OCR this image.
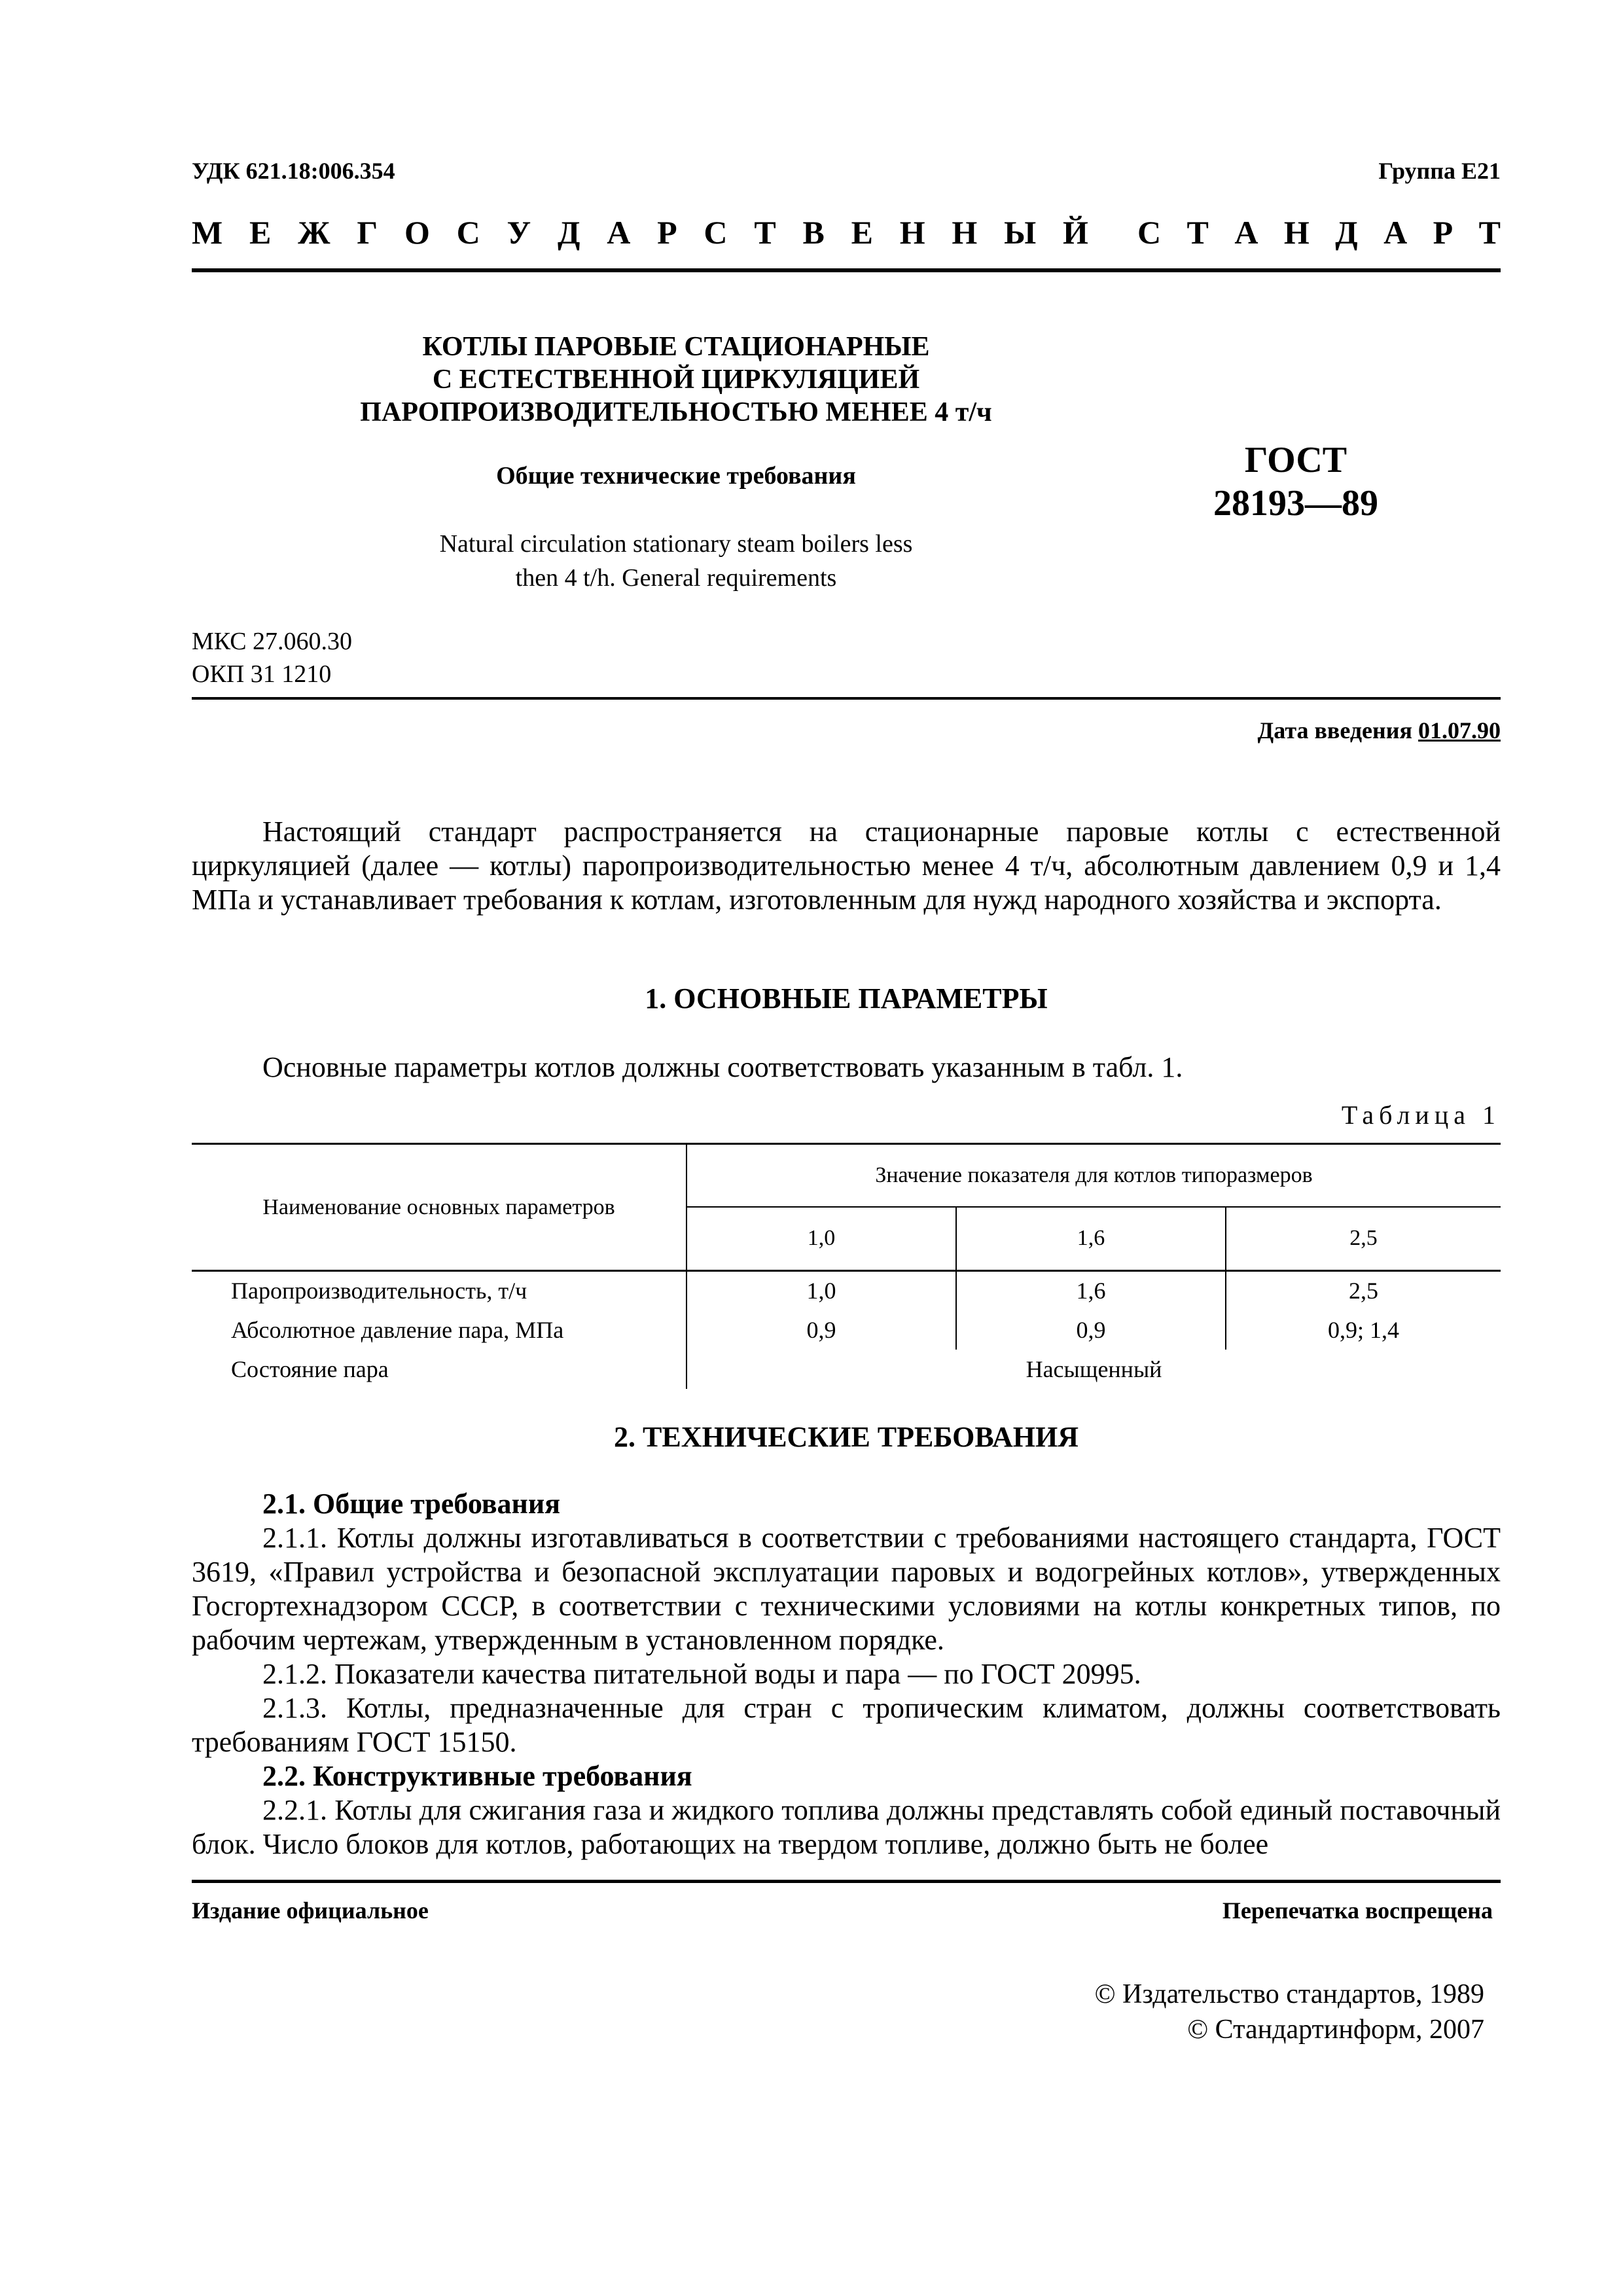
УДК 621.18:006.354	Группа Е21
М Е Ж Г О С У Д А Р С Т В Е Н Н Ы Й С Т А Н Д А Р Т
КОТЛЫ ПАРОВЫЕ СТАЦИОНАРНЫЕ
С ЕСТЕСТВЕННОЙ ЦИРКУЛЯЦИЕЙ
ПАРОПРОИЗВОДИТЕЛЬНОСТЬЮ МЕНЕЕ 4 т/ч
Общие технические требования
Natural circulation stationary steam boilers less
then 4 t/h. General requirements
ГОСТ
28193—89
МКС 27.060.30
ОКП 31 1210
Дата введения 01.07.90

Настоящий стандарт распространяется на стационарные паровые котлы с естественной циркуляцией (далее — котлы) паропроизводительностью менее 4 т/ч, абсолютным давлением 0,9 и 1,4 МПа и устанавливает требования к котлам, изготовленным для нужд народного хозяйства и экспорта.

1. ОСНОВНЫЕ ПАРАМЕТРЫ

Основные параметры котлов должны соответствовать указанным в табл. 1.

Таблица 1
Наименование основных параметров	Значение показателя для котлов типоразмеров		
	1,0	1,6	2,5
Паропроизводительность, т/ч	1,0	1,6	2,5
Абсолютное давление пара, МПа	0,9	0,9	0,9; 1,4
Состояние пара	Насыщенный		
2. ТЕХНИЧЕСКИЕ ТРЕБОВАНИЯ

2.1. Общие требования

2.1.1. Котлы должны изготавливаться в соответствии с требованиями настоящего стандарта, ГОСТ 3619, «Правил устройства и безопасной эксплуатации паровых и водогрейных котлов», утвержденных Госгортехнадзором СССР, в соответствии с техническими условиями на котлы конкретных типов, по рабочим чертежам, утвержденным в установленном порядке.

2.1.2. Показатели качества питательной воды и пара — по ГОСТ 20995.

2.1.3. Котлы, предназначенные для стран с тропическим климатом, должны соответствовать требованиям ГОСТ 15150.

2.2. Конструктивные требования

2.2.1. Котлы для сжигания газа и жидкого топлива должны представлять собой единый поставочный блок. Число блоков для котлов, работающих на твердом топливе, должно быть не более

Издание официальное	Перепечатка воспрещена
© Издательство стандартов, 1989
© Стандартинформ, 2007
